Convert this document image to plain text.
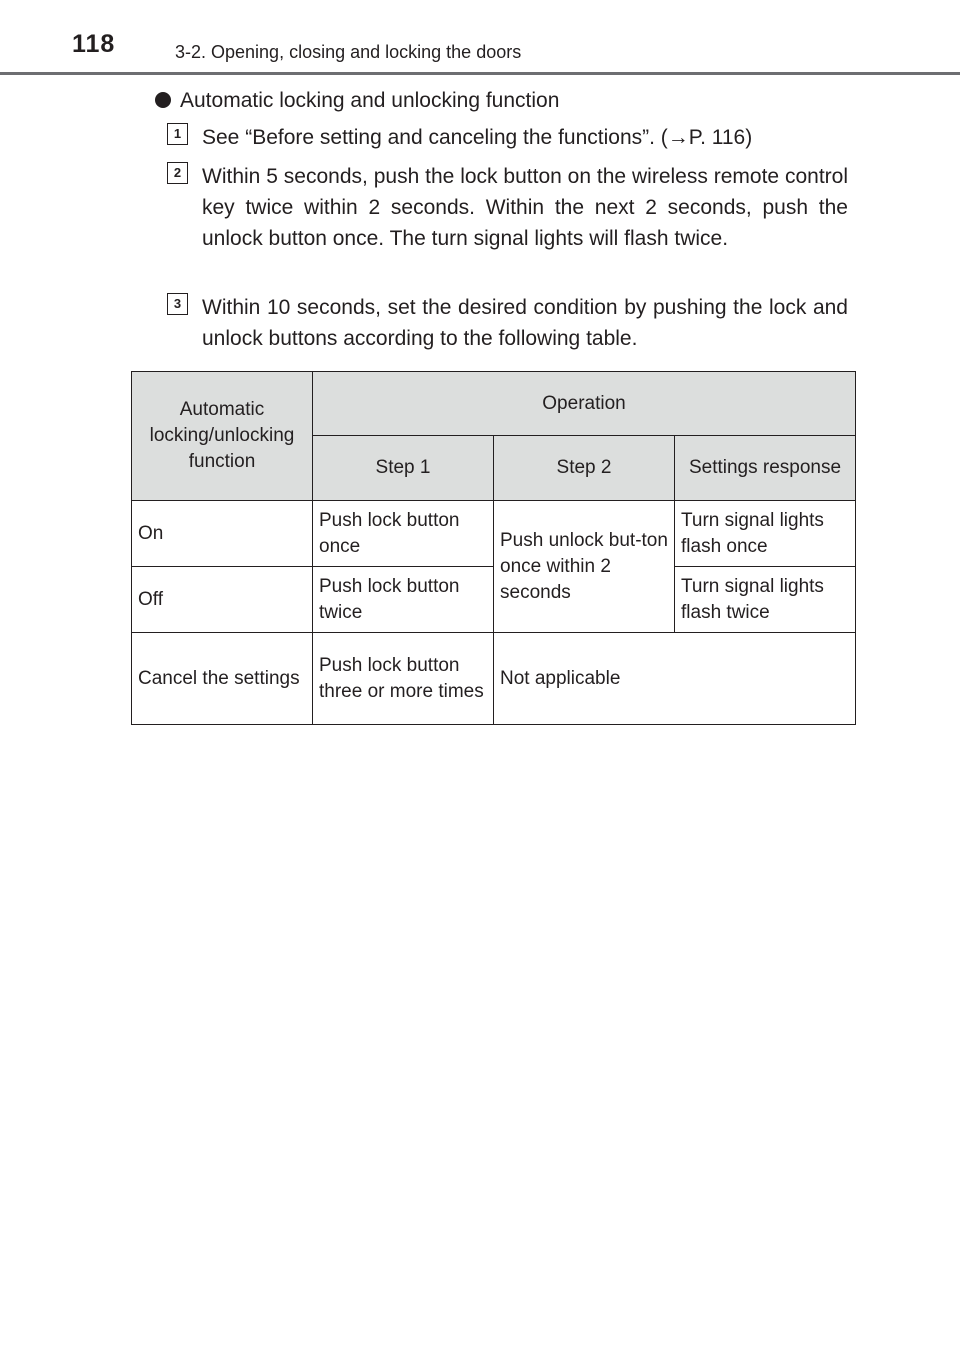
118	3-2. Opening, closing and locking the doors
Automatic locking and unlocking function
1 See “Before setting and canceling the functions”. (→P. 116)
2 Within 5 seconds, push the lock button on the wireless remote control key twice within 2 seconds. Within the next 2 seconds, push the unlock button once. The turn signal lights will flash twice.
3 Within 10 seconds, set the desired condition by pushing the lock and unlock buttons according to the following table.
Automatic locking/unlocking function	Operation		
	Step 1	Step 2	Settings response
On	Push lock button once	Push unlock but-ton once within 2 seconds	Turn signal lights flash once
Off	Push lock button twice		Turn signal lights flash twice
Cancel the settings	Push lock button three or more times	Not applicable	
